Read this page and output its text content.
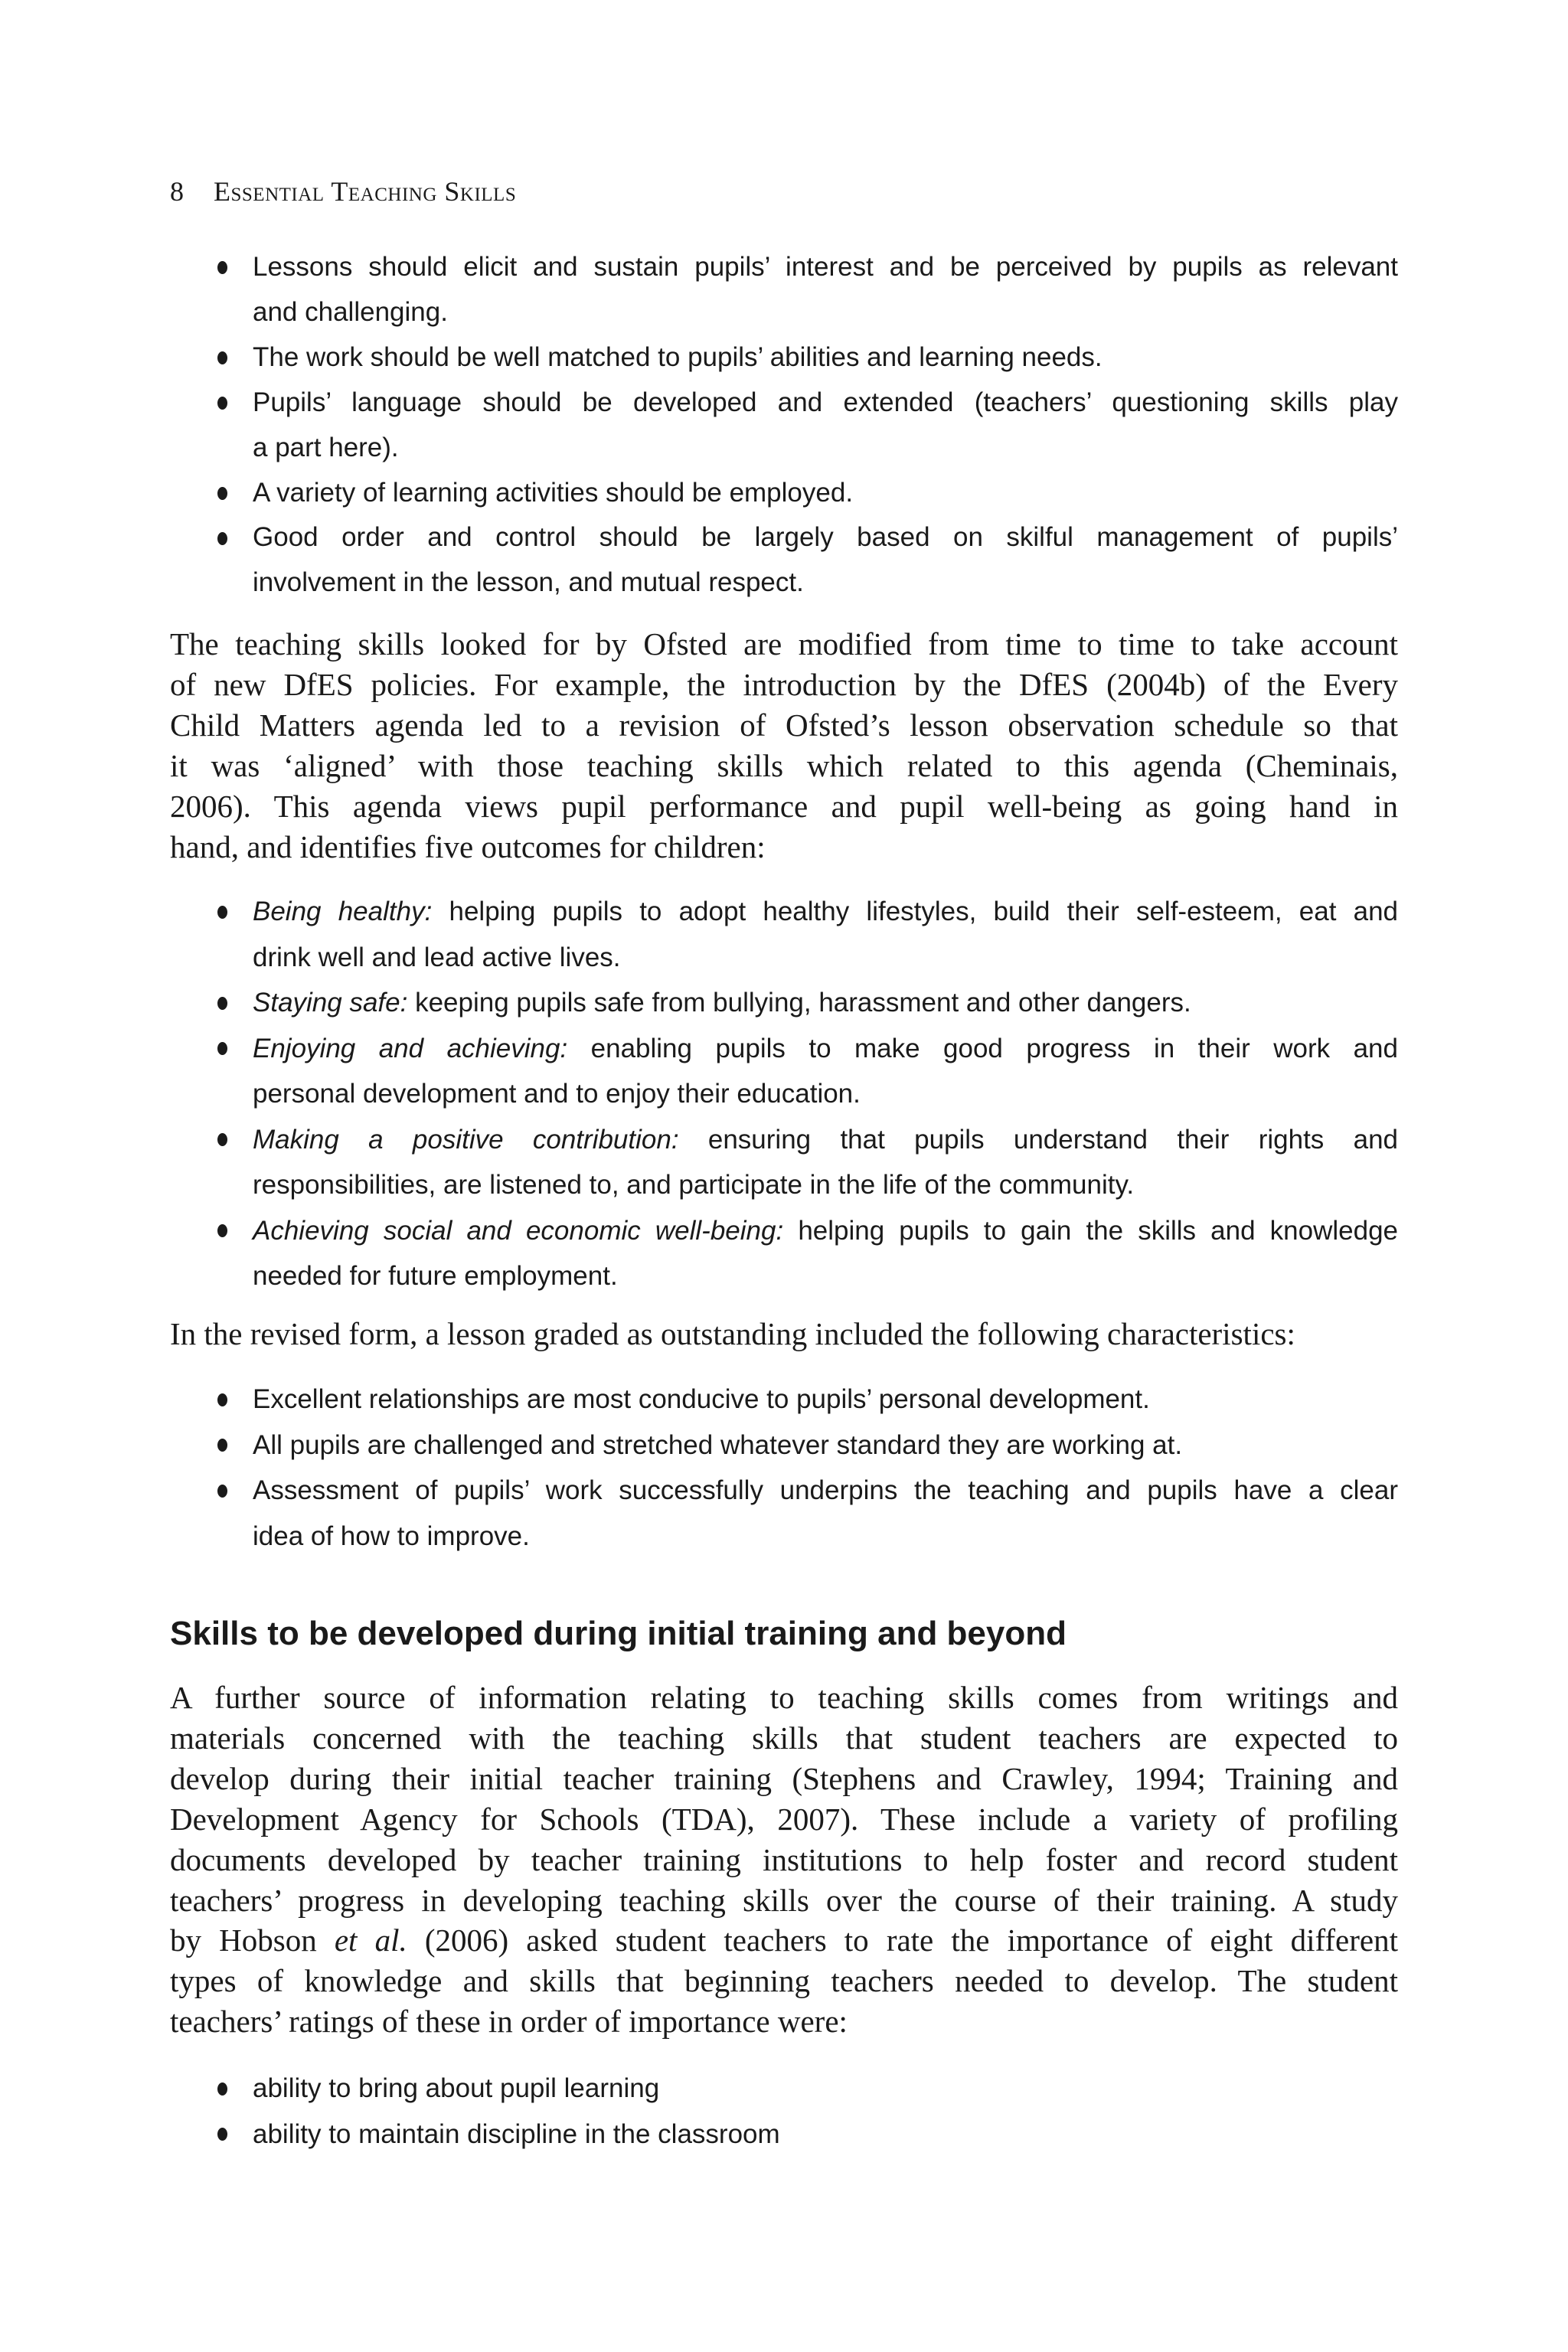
8 Essential Teaching Skills
Lessons should elicit and sustain pupils’ interest and be perceived by pupils as relevant
and challenging.
The work should be well matched to pupils’ abilities and learning needs.
Pupils’ language should be developed and extended (teachers’ questioning skills play
a part here).
A variety of learning activities should be employed.
Good order and control should be largely based on skilful management of pupils’
involvement in the lesson, and mutual respect.
The teaching skills looked for by Ofsted are modified from time to time to take account
of new DfES policies. For example, the introduction by the DfES (2004b) of the Every
Child Matters agenda led to a revision of Ofsted’s lesson observation schedule so that
it was ‘aligned’ with those teaching skills which related to this agenda (Cheminais,
2006). This agenda views pupil performance and pupil well-being as going hand in
hand, and identifies five outcomes for children:
Being healthy: helping pupils to adopt healthy lifestyles, build their self-esteem, eat and
drink well and lead active lives.
Staying safe: keeping pupils safe from bullying, harassment and other dangers.
Enjoying and achieving: enabling pupils to make good progress in their work and
personal development and to enjoy their education.
Making a positive contribution: ensuring that pupils understand their rights and
responsibilities, are listened to, and participate in the life of the community.
Achieving social and economic well-being: helping pupils to gain the skills and knowledge
needed for future employment.
In the revised form, a lesson graded as outstanding included the following characteristics:
Excellent relationships are most conducive to pupils’ personal development.
All pupils are challenged and stretched whatever standard they are working at.
Assessment of pupils’ work successfully underpins the teaching and pupils have a clear
idea of how to improve.
Skills to be developed during initial training and beyond
A further source of information relating to teaching skills comes from writings and
materials concerned with the teaching skills that student teachers are expected to
develop during their initial teacher training (Stephens and Crawley, 1994; Training and
Development Agency for Schools (TDA), 2007). These include a variety of profiling
documents developed by teacher training institutions to help foster and record student
teachers’ progress in developing teaching skills over the course of their training. A study
by Hobson et al. (2006) asked student teachers to rate the importance of eight different
types of knowledge and skills that beginning teachers needed to develop. The student
teachers’ ratings of these in order of importance were:
ability to bring about pupil learning
ability to maintain discipline in the classroom
